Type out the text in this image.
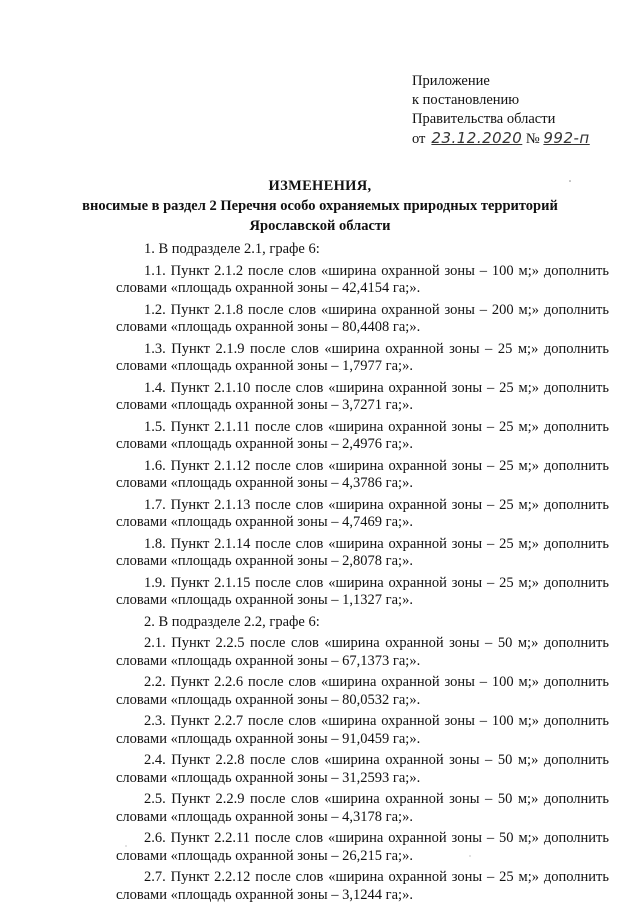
Приложение
к постановлению
Правительства области
от 23.12.2020 № 992-п
ИЗМЕНЕНИЯ,
вносимые в раздел 2 Перечня особо охраняемых природных территорий
Ярославской области
1. В подразделе 2.1, графе 6:
1.1. Пункт 2.1.2 после слов «ширина охранной зоны – 100 м;» дополнить словами «площадь охранной зоны – 42,4154 га;».
1.2. Пункт 2.1.8 после слов «ширина охранной зоны – 200 м;» дополнить словами «площадь охранной зоны – 80,4408 га;».
1.3. Пункт 2.1.9 после слов «ширина охранной зоны – 25 м;» дополнить словами «площадь охранной зоны – 1,7977 га;».
1.4. Пункт 2.1.10 после слов «ширина охранной зоны – 25 м;» дополнить словами «площадь охранной зоны – 3,7271 га;».
1.5. Пункт 2.1.11 после слов «ширина охранной зоны – 25 м;» дополнить словами «площадь охранной зоны – 2,4976 га;».
1.6. Пункт 2.1.12 после слов «ширина охранной зоны – 25 м;» дополнить словами «площадь охранной зоны – 4,3786 га;».
1.7. Пункт 2.1.13 после слов «ширина охранной зоны – 25 м;» дополнить словами «площадь охранной зоны – 4,7469 га;».
1.8. Пункт 2.1.14 после слов «ширина охранной зоны – 25 м;» дополнить словами «площадь охранной зоны – 2,8078 га;».
1.9. Пункт 2.1.15 после слов «ширина охранной зоны – 25 м;» дополнить словами «площадь охранной зоны – 1,1327 га;».
2. В подразделе 2.2, графе 6:
2.1. Пункт 2.2.5 после слов «ширина охранной зоны – 50 м;» дополнить словами «площадь охранной зоны – 67,1373 га;».
2.2. Пункт 2.2.6 после слов «ширина охранной зоны – 100 м;» дополнить словами «площадь охранной зоны – 80,0532 га;».
2.3. Пункт 2.2.7 после слов «ширина охранной зоны – 100 м;» дополнить словами «площадь охранной зоны – 91,0459 га;».
2.4. Пункт 2.2.8 после слов «ширина охранной зоны – 50 м;» дополнить словами «площадь охранной зоны – 31,2593 га;».
2.5. Пункт 2.2.9 после слов «ширина охранной зоны – 50 м;» дополнить словами «площадь охранной зоны – 4,3178 га;».
2.6. Пункт 2.2.11 после слов «ширина охранной зоны – 50 м;» дополнить словами «площадь охранной зоны – 26,215 га;».
2.7. Пункт 2.2.12 после слов «ширина охранной зоны – 25 м;» дополнить словами «площадь охранной зоны – 3,1244 га;».
